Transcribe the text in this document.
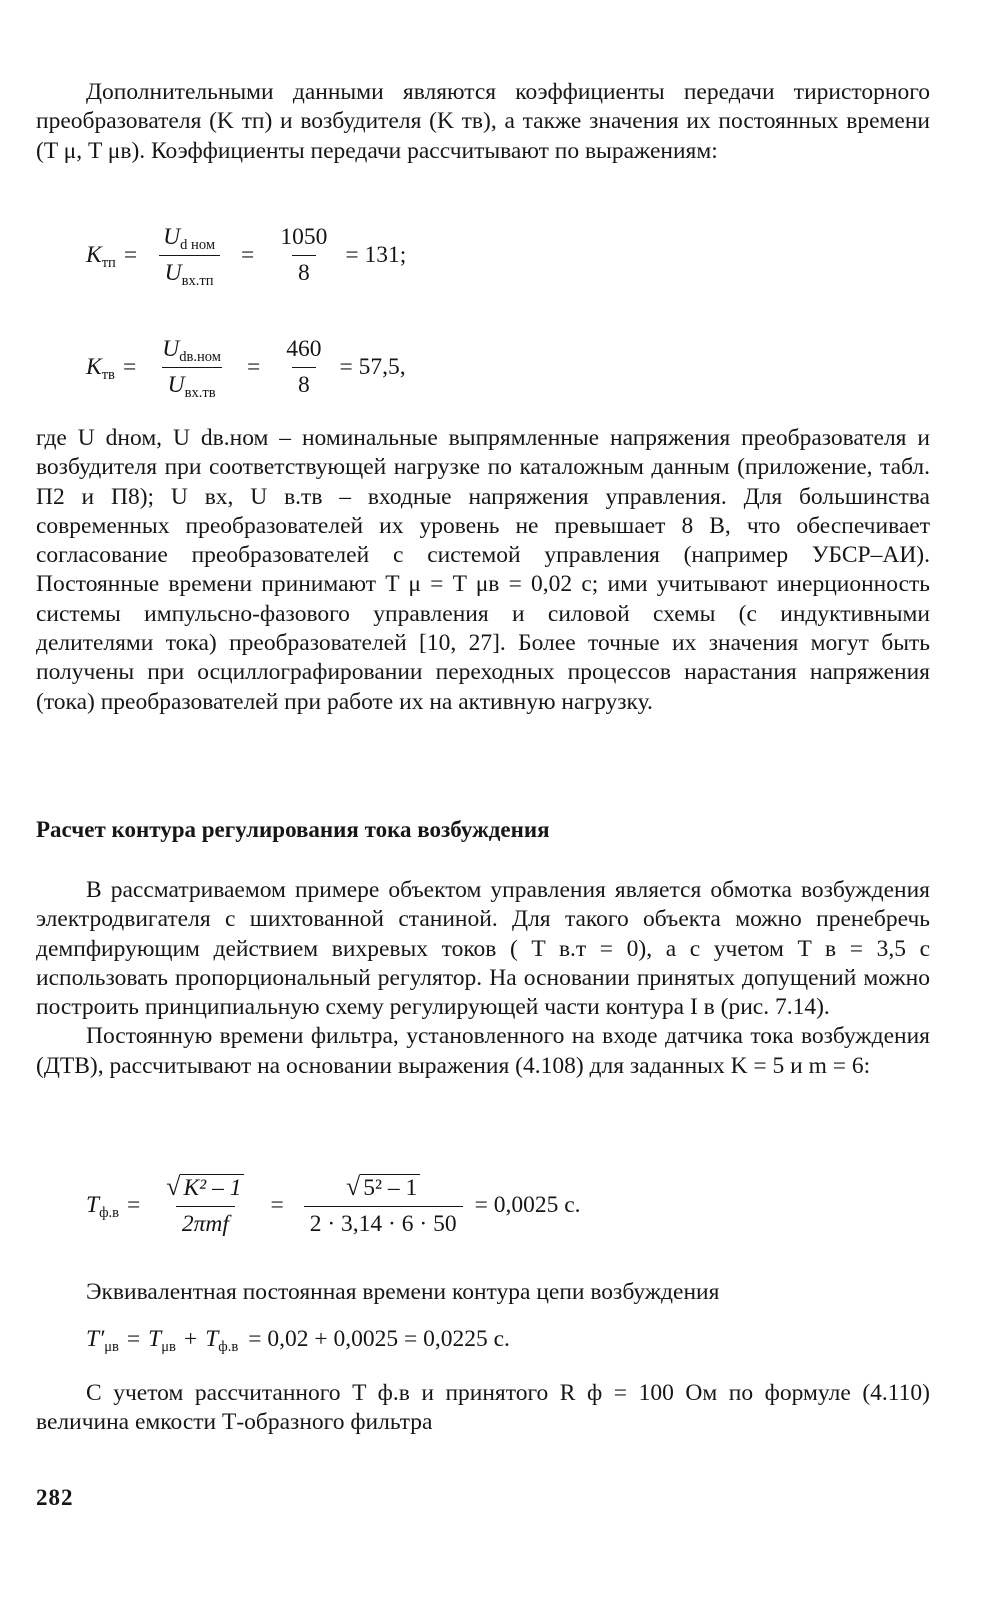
Дополнительными данными являются коэффициенты передачи тиристорного преобразователя (K тп) и возбудителя (K тв), а также значения их постоянных времени (T μ, T μв). Коэффициенты передачи рассчитывают по выражениям:

$K_{тп} = \frac{U_{d ном}}{U_{вх.тп}} = \frac{1050}{8} = 131$;
$K_{тв} = \frac{U_{dв.ном}}{U_{вх.тв}} = \frac{460}{8} = 57,5$,

где U dном, U dв.ном – номинальные выпрямленные напряжения преобразователя и возбудителя при соответствующей нагрузке по каталожным данным (приложение, табл. П2 и П8); U вх, U в.тв – входные напряжения управления. Для большинства современных преобразователей их уровень не превышает 8 В, что обеспечивает согласование преобразователей с системой управления (например УБСР–АИ). Постоянные времени принимают T μ = T μв = 0,02 с; ими учитывают инерционность системы импульсно-фазового управления и силовой схемы (с индуктивными делителями тока) преобразователей [10, 27]. Более точные их значения могут быть получены при осциллографировании переходных процессов нарастания напряжения (тока) преобразователей при работе их на активную нагрузку.

Расчет контура регулирования тока возбуждения

В рассматриваемом примере объектом управления является обмотка возбуждения электродвигателя с шихтованной станиной. Для такого объекта можно пренебречь демпфирующим действием вихревых токов ( T в.т = 0), а с учетом T в = 3,5 с использовать пропорциональный регулятор. На основании принятых допущений можно построить принципиальную схему регулирующей части контура I в (рис. 7.14).

Постоянную времени фильтра, установленного на входе датчика тока возбуждения (ДТВ), рассчитывают на основании выражения (4.108) для заданных K = 5 и m = 6:

$T_{ф.в} = \frac{\text{√ K² – 1}}{\text{2πmf}} = \frac{\text{√ 5² – 1}}{2 \cdot 3,14 \cdot 6 \cdot 50} = 0,0025$ с.

Эквивалентная постоянная времени контура цепи возбуждения

$T'_{\mu в} = T_{\mu в} + T_{ф.в} = 0,02 + 0,0025 = 0,0225$ с.

С учетом рассчитанного T ф.в и принятого R ф = 100 Ом по формуле (4.110) величина емкости Т-образного фильтра

282
